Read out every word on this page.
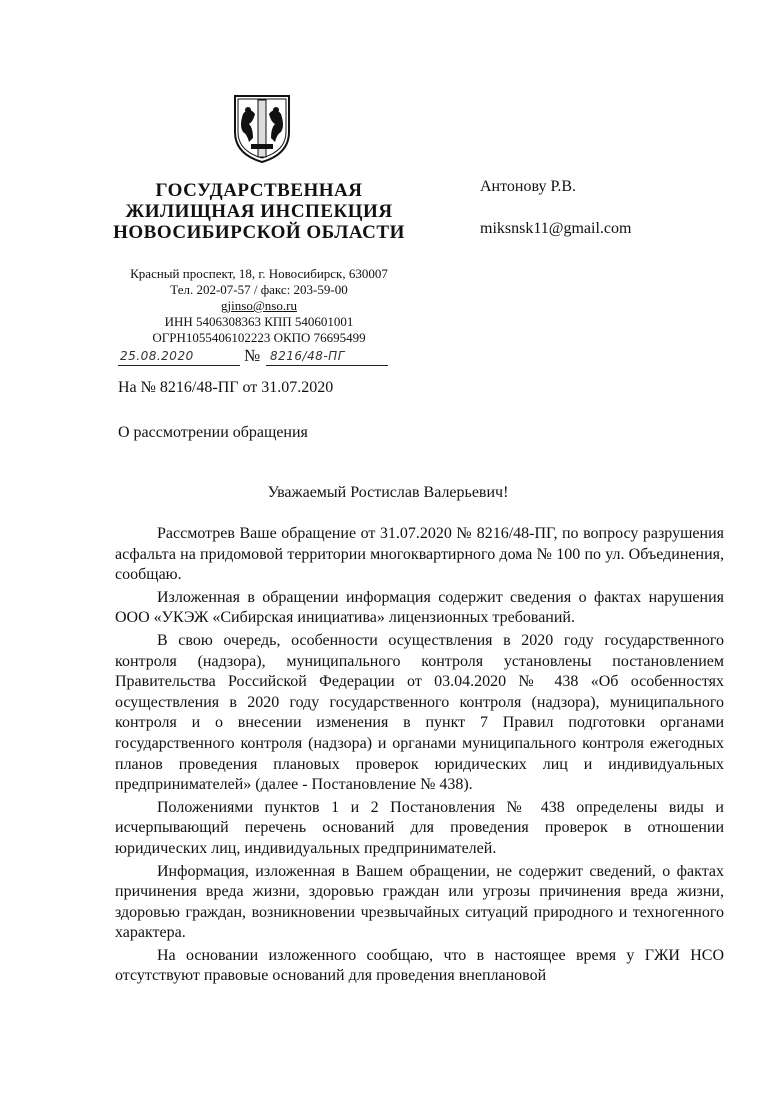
ГОСУДАРСТВЕННАЯ
ЖИЛИЩНАЯ ИНСПЕКЦИЯ
НОВОСИБИРСКОЙ ОБЛАСТИ
Красный проспект, 18, г. Новосибирск, 630007
Тел. 202-07-57 / факс: 203-59-00
gjinso@nso.ru
ИНН 5406308363 КПП 540601001
ОГРН1055406102223 ОКПО 76695499
25.08.2020	№ 8216/48-ПГ
Антонову Р.В.
miksnsk11@gmail.com
На № 8216/48-ПГ от 31.07.2020
О рассмотрении обращения
Уважаемый Ростислав Валерьевич!

Рассмотрев Ваше обращение от 31.07.2020 № 8216/48-ПГ, по вопросу разрушения асфальта на придомовой территории многоквартирного дома № 100 по ул. Объединения, сообщаю.

Изложенная в обращении информация содержит сведения о фактах нарушения ООО «УКЭЖ «Сибирская инициатива» лицензионных требований.

В свою очередь, особенности осуществления в 2020 году государственного контроля (надзора), муниципального контроля установлены постановлением Правительства Российской Федерации от 03.04.2020 № 438 «Об особенностях осуществления в 2020 году государственного контроля (надзора), муниципального контроля и о внесении изменения в пункт 7 Правил подготовки органами государственного контроля (надзора) и органами муниципального контроля ежегодных планов проведения плановых проверок юридических лиц и индивидуальных предпринимателей» (далее - Постановление № 438).

Положениями пунктов 1 и 2 Постановления № 438 определены виды и исчерпывающий перечень оснований для проведения проверок в отношении юридических лиц, индивидуальных предпринимателей.

Информация, изложенная в Вашем обращении, не содержит сведений, о фактах причинения вреда жизни, здоровью граждан или угрозы причинения вреда жизни, здоровью граждан, возникновении чрезвычайных ситуаций природного и техногенного характера.

На основании изложенного сообщаю, что в настоящее время у ГЖИ НСО отсутствуют правовые оснований для проведения внеплановой
